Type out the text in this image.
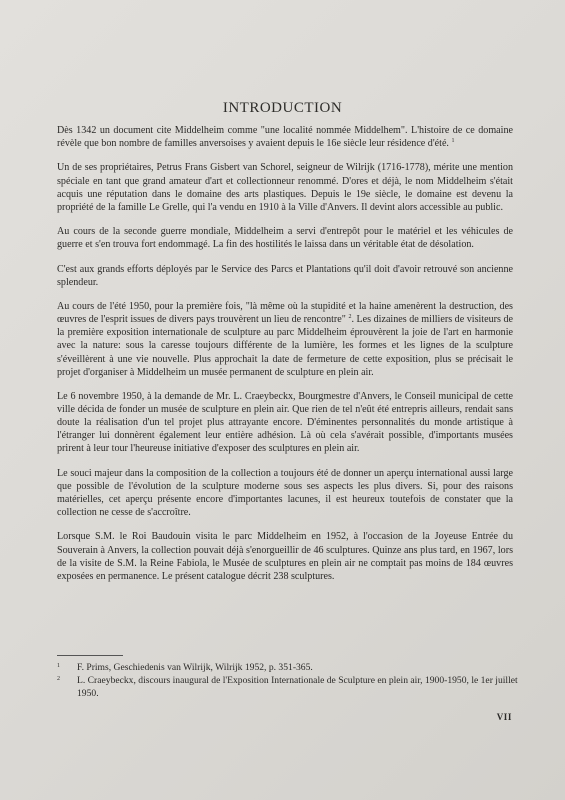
INTRODUCTION

Dès 1342 un document cite Middelheim comme "une localité nommée Middelhem". L'histoire de ce domaine révèle que bon nombre de familles anversoises y avaient depuis le 16e siècle leur résidence d'été. $^1$

Un de ses propriétaires, Petrus Frans Gisbert van Schorel, seigneur de Wilrijk (1716-1778), mérite une mention spéciale en tant que grand amateur d'art et collectionneur renommé. D'ores et déjà, le nom Middelheim s'était acquis une réputation dans le domaine des arts plastiques. Depuis le 19e siècle, le domaine est devenu la propriété de la famille Le Grelle, qui l'a vendu en 1910 à la Ville d'Anvers. Il devint alors accessible au public.

Au cours de la seconde guerre mondiale, Middelheim a servi d'entrepôt pour le matériel et les véhicules de guerre et s'en trouva fort endommagé. La fin des hostilités le laissa dans un véritable état de désolation.

C'est aux grands efforts déployés par le Service des Parcs et Plantations qu'il doit d'avoir retrouvé son ancienne splendeur.

Au cours de l'été 1950, pour la première fois, "là même où la stupidité et la haine amenèrent la destruction, des œuvres de l'esprit issues de divers pays trouvèrent un lieu de rencontre" $^2$. Les dizaines de milliers de visiteurs de la première exposition internationale de sculpture au parc Middelheim éprouvèrent la joie de l'art en harmonie avec la nature: sous la caresse toujours différente de la lumière, les formes et les lignes de la sculpture s'éveillèrent à une vie nouvelle. Plus approchait la date de fermeture de cette exposition, plus se précisait le projet d'organiser à Middelheim un musée permanent de sculpture en plein air.

Le 6 novembre 1950, à la demande de Mr. L. Craeybeckx, Bourgmestre d'Anvers, le Conseil municipal de cette ville décida de fonder un musée de sculpture en plein air. Que rien de tel n'eût été entrepris ailleurs, rendait sans doute la réalisation d'un tel projet plus attrayante encore. D'éminentes personnalités du monde artistique à l'étranger lui donnèrent également leur entière adhésion. Là où cela s'avérait possible, d'importants musées prirent à leur tour l'heureuse initiative d'exposer des sculptures en plein air.

Le souci majeur dans la composition de la collection a toujours été de donner un aperçu international aussi large que possible de l'évolution de la sculpture moderne sous ses aspects les plus divers. Si, pour des raisons matérielles, cet aperçu présente encore d'importantes lacunes, il est heureux toutefois de constater que la collection ne cesse de s'accroître.

Lorsque S.M. le Roi Baudouin visita le parc Middelheim en 1952, à l'occasion de la Joyeuse Entrée du Souverain à Anvers, la collection pouvait déjà s'enorgueillir de 46 sculptures. Quinze ans plus tard, en 1967, lors de la visite de S.M. la Reine Fabiola, le Musée de sculptures en plein air ne comptait pas moins de 184 œuvres exposées en permanence. Le présent catalogue décrit 238 sculptures.

1	F. Prims, Geschiedenis van Wilrijk, Wilrijk 1952, p. 351-365.
2	L. Craeybeckx, discours inaugural de l'Exposition Internationale de Sculpture en plein air, 1900-1950, le 1er juillet 1950.
VII
